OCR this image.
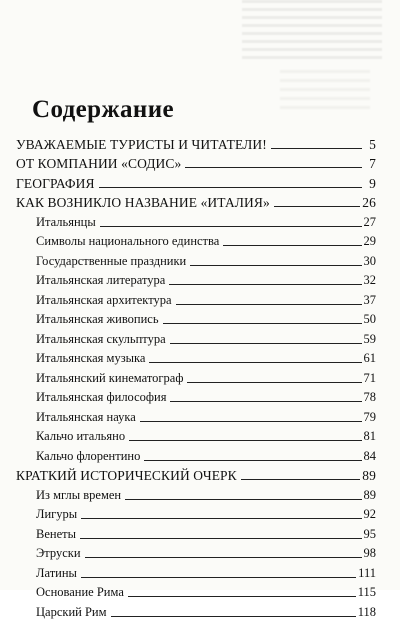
Содержание
УВАЖАЕМЫЕ ТУРИСТЫ И ЧИТАТЕЛИ!	5
ОТ КОМПАНИИ «СОДИС»	7
ГЕОГРАФИЯ	9
КАК ВОЗНИКЛО НАЗВАНИЕ «ИТАЛИЯ»	26
Итальянцы	27
Символы национального единства	29
Государственные праздники	30
Итальянская литература	32
Итальянская архитектура	37
Итальянская живопись	50
Итальянская скульптура	59
Итальянская музыка	61
Итальянский кинематограф	71
Итальянская философия	78
Итальянская наука	79
Кальчо итальяно	81
Кальчо флорентино	84
КРАТКИЙ ИСТОРИЧЕСКИЙ ОЧЕРК	89
Из мглы времен	89
Лигуры	92
Венеты	95
Этруски	98
Латины	111
Основание Рима	115
Царский Рим	118
